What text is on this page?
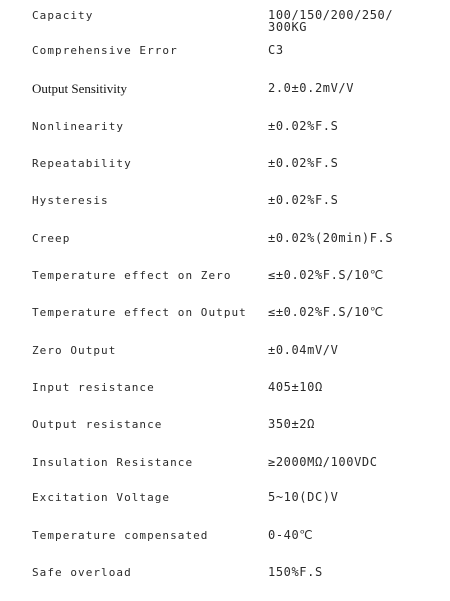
Capacity	100/150/200/250/
300KG
Comprehensive Error	C3
Output Sensitivity	2.0±0.2mV/V
Nonlinearity	±0.02%F.S
Repeatability	±0.02%F.S
Hysteresis	±0.02%F.S
Creep	±0.02%(20min)F.S
Temperature effect on Zero	≤±0.02%F.S/10℃
Temperature effect on Output ≤±0.02%F.S/10℃
Zero Output	±0.04mV/V
Input resistance	405±10Ω
Output resistance	350±2Ω
Insulation Resistance	≥2000MΩ/100VDC
Excitation Voltage	5~10(DC)V
Temperature compensated	0-40℃
Safe overload	150%F.S
